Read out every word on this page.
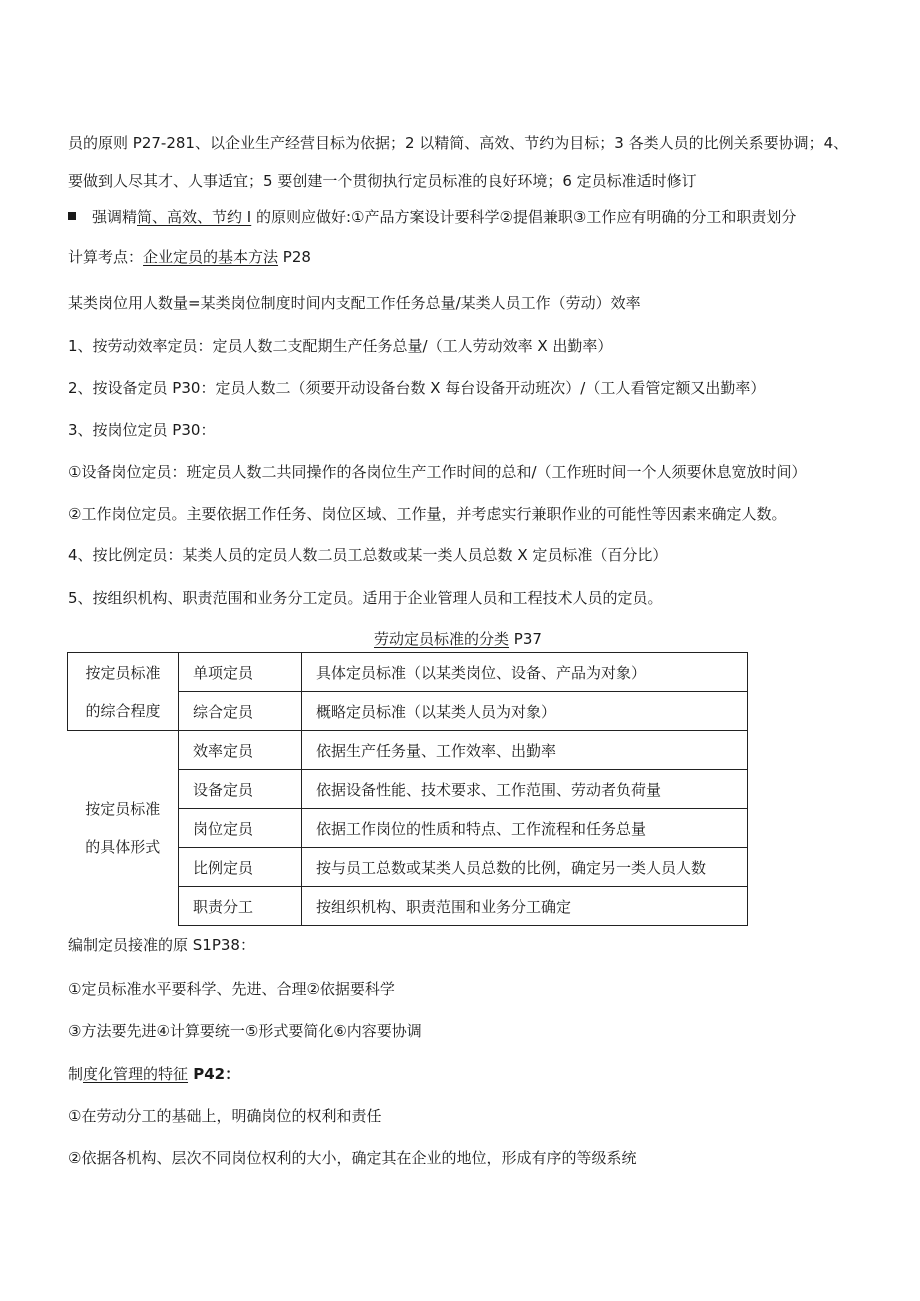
员的原则 P27-281、以企业生产经营目标为依据；2 以精简、高效、节约为目标；3 各类人员的比例关系要协调；4、
要做到人尽其才、人事适宜；5 要创建一个贯彻执行定员标准的良好环境；6 定员标准适时修订
强调精简、高效、节约 I 的原则应做好:①产品方案设计要科学②提倡兼职③工作应有明确的分工和职责划分
计算考点：企业定员的基本方法 P28
某类岗位用人数量=某类岗位制度时间内支配工作任务总量/某类人员工作（劳动）效率
1、按劳动效率定员：定员人数二支配期生产任务总量/（工人劳动效率 X 出勤率）
2、按设备定员 P30：定员人数二（须要开动设备台数 X 每台设备开动班次）/（工人看管定额又出勤率）
3、按岗位定员 P30：
①设备岗位定员：班定员人数二共同操作的各岗位生产工作时间的总和/（工作班时间一个人须要休息宽放时间）
②工作岗位定员。主要依据工作任务、岗位区域、工作量，并考虑实行兼职作业的可能性等因素来确定人数。
4、按比例定员：某类人员的定员人数二员工总数或某一类人员总数 X 定员标准（百分比）
5、按组织机构、职责范围和业务分工定员。适用于企业管理人员和工程技术人员的定员。
劳动定员标准的分类 P37
按定员标准
的综合程度	单项定员	具体定员标准（以某类岗位、设备、产品为对象）
	综合定员	概略定员标准（以某类人员为对象）

按定员标准
的具体形式	效率定员	依据生产任务量、工作效率、出勤率
	设备定员	依据设备性能、技术要求、工作范围、劳动者负荷量
	岗位定员	依据工作岗位的性质和特点、工作流程和任务总量
	比例定员	按与员工总数或某类人员总数的比例，确定另一类人员人数
	职责分工	按组织机构、职责范围和业务分工确定
编制定员接准的原 S1P38：
①定员标准水平要科学、先进、合理②依据要科学
③方法要先进④计算要统一⑤形式要简化⑥内容要协调
制度化管理的特征 P42：
①在劳动分工的基础上，明确岗位的权利和责任
②依据各机构、层次不同岗位权利的大小，确定其在企业的地位，形成有序的等级系统
